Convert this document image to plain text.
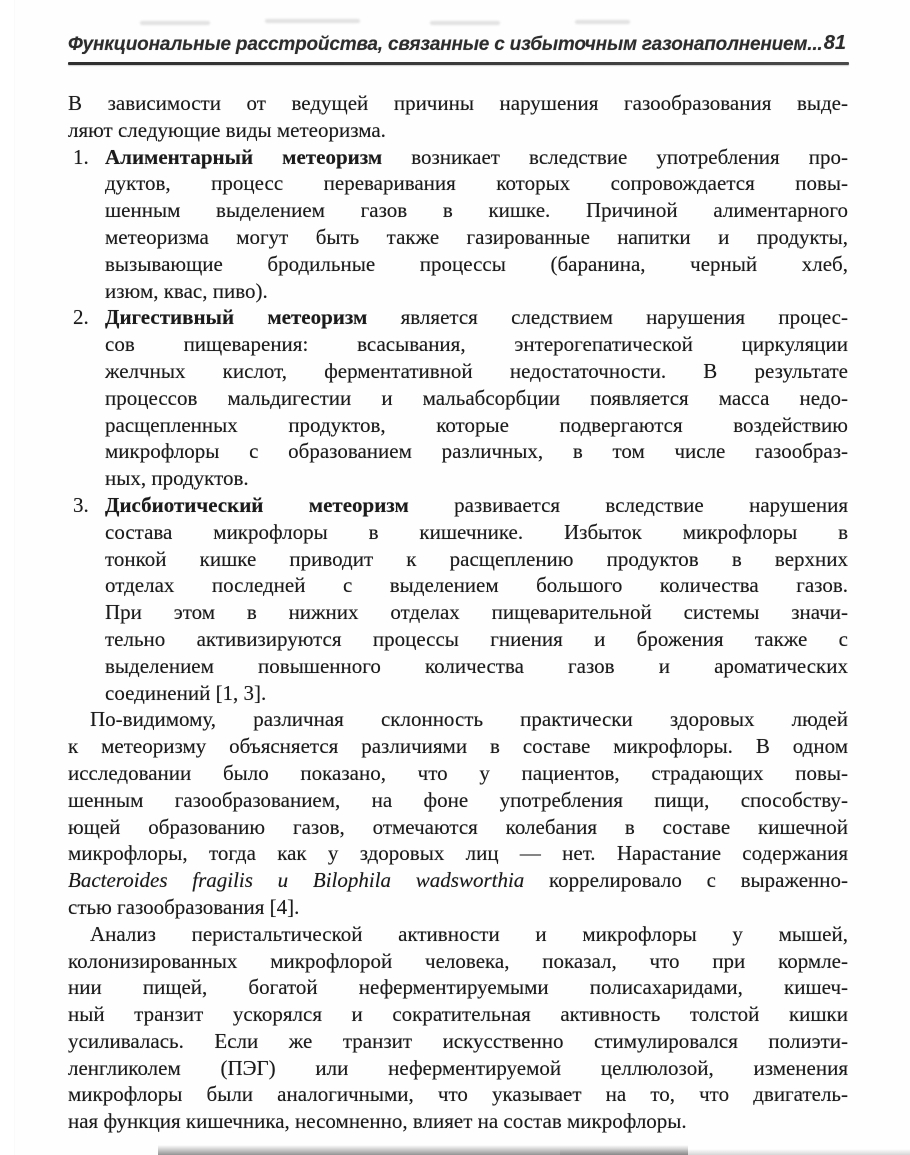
Функциональные расстройства, связанные с избыточным газонаполнением... 81
В зависимости от ведущей причины нарушения газообразования выде-
ляют следующие виды метеоризма.
1. Алиментарный метеоризм возникает вследствие употребления про-
дуктов, процесс переваривания которых сопровождается повы-
шенным выделением газов в кишке. Причиной алиментарного
метеоризма могут быть также газированные напитки и продукты,
вызывающие бродильные процессы (баранина, черный хлеб,
изюм, квас, пиво).
2. Дигестивный метеоризм является следствием нарушения процес-
сов пищеварения: всасывания, энтерогепатической циркуляции
желчных кислот, ферментативной недостаточности. В результате
процессов мальдигестии и мальабсорбции появляется масса недо-
расщепленных продуктов, которые подвергаются воздействию
микрофлоры с образованием различных, в том числе газообраз-
ных, продуктов.
3. Дисбиотический метеоризм развивается вследствие нарушения
состава микрофлоры в кишечнике. Избыток микрофлоры в
тонкой кишке приводит к расщеплению продуктов в верхних
отделах последней с выделением большого количества газов.
При этом в нижних отделах пищеварительной системы значи-
тельно активизируются процессы гниения и брожения также с
выделением повышенного количества газов и ароматических
соединений [1, 3].
По-видимому, различная склонность практически здоровых людей
к метеоризму объясняется различиями в составе микрофлоры. В одном
исследовании было показано, что у пациентов, страдающих повы-
шенным газообразованием, на фоне употребления пищи, способству-
ющей образованию газов, отмечаются колебания в составе кишечной
микрофлоры, тогда как у здоровых лиц — нет. Нарастание содержания
Bacteroides fragilis и Bilophila wadsworthia коррелировало с выраженно-
стью газообразования [4].
Анализ перистальтической активности и микрофлоры у мышей,
колонизированных микрофлорой человека, показал, что при кормле-
нии пищей, богатой неферментируемыми полисахаридами, кишеч-
ный транзит ускорялся и сократительная активность толстой кишки
усиливалась. Если же транзит искусственно стимулировался полиэти-
ленгликолем (ПЭГ) или неферментируемой целлюлозой, изменения
микрофлоры были аналогичными, что указывает на то, что двигатель-
ная функция кишечника, несомненно, влияет на состав микрофлоры.
